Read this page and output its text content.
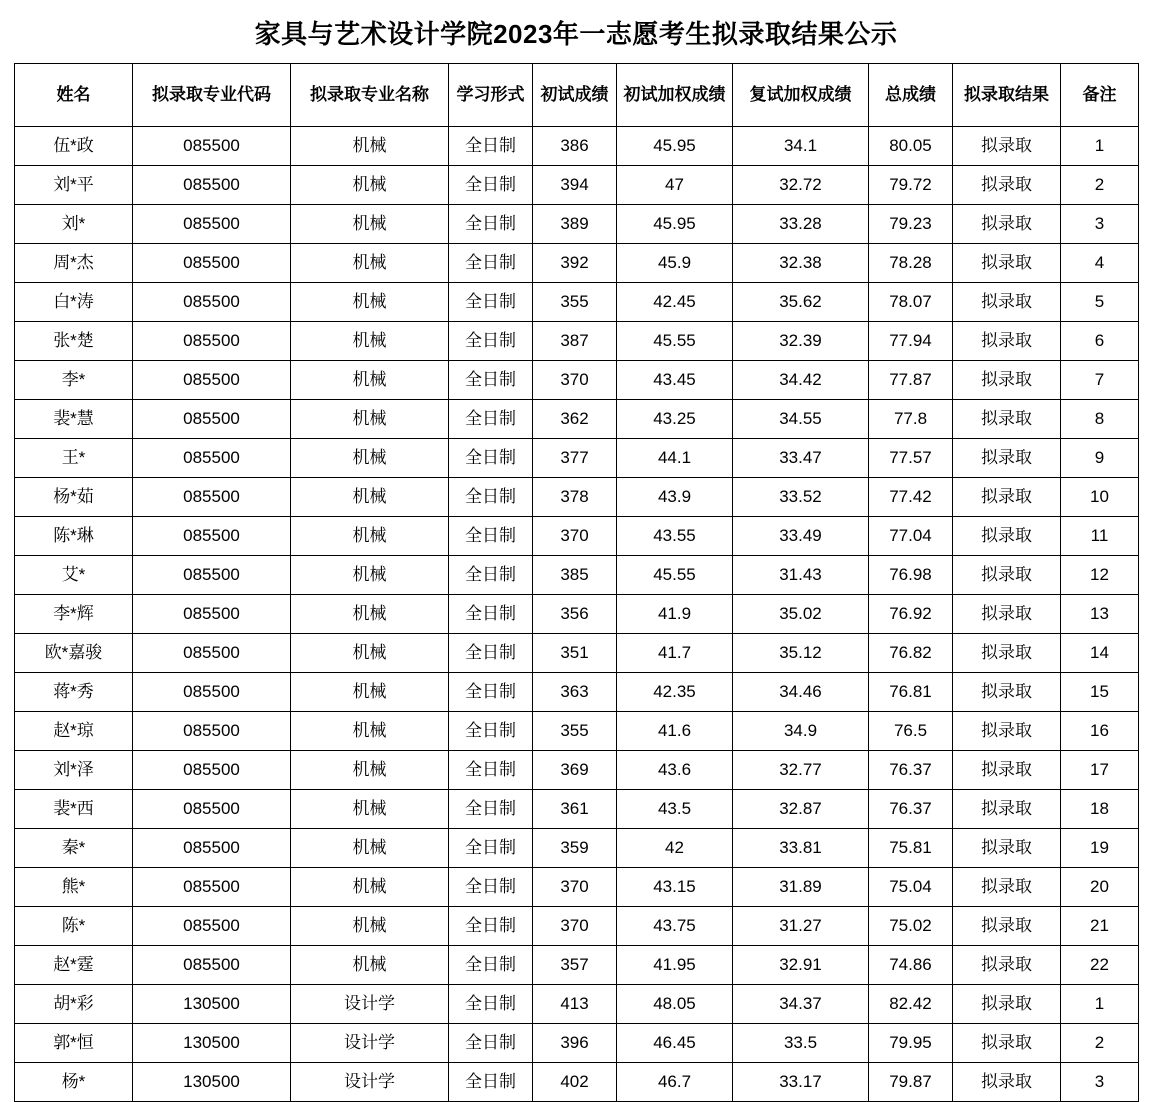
家具与艺术设计学院2023年一志愿考生拟录取结果公示
姓名	拟录取专业代码	拟录取专业名称	学习形式	初试成绩	初试加权成绩	复试加权成绩	总成绩	拟录取结果	备注
伍*政	085500	机械	全日制	386	45.95	34.1	80.05	拟录取	1
刘*平	085500	机械	全日制	394	47	32.72	79.72	拟录取	2
刘*	085500	机械	全日制	389	45.95	33.28	79.23	拟录取	3
周*杰	085500	机械	全日制	392	45.9	32.38	78.28	拟录取	4
白*涛	085500	机械	全日制	355	42.45	35.62	78.07	拟录取	5
张*楚	085500	机械	全日制	387	45.55	32.39	77.94	拟录取	6
李*	085500	机械	全日制	370	43.45	34.42	77.87	拟录取	7
裴*慧	085500	机械	全日制	362	43.25	34.55	77.8	拟录取	8
王*	085500	机械	全日制	377	44.1	33.47	77.57	拟录取	9
杨*茹	085500	机械	全日制	378	43.9	33.52	77.42	拟录取	10
陈*琳	085500	机械	全日制	370	43.55	33.49	77.04	拟录取	11
艾*	085500	机械	全日制	385	45.55	31.43	76.98	拟录取	12
李*辉	085500	机械	全日制	356	41.9	35.02	76.92	拟录取	13
欧*嘉骏	085500	机械	全日制	351	41.7	35.12	76.82	拟录取	14
蒋*秀	085500	机械	全日制	363	42.35	34.46	76.81	拟录取	15
赵*琼	085500	机械	全日制	355	41.6	34.9	76.5	拟录取	16
刘*泽	085500	机械	全日制	369	43.6	32.77	76.37	拟录取	17
裴*西	085500	机械	全日制	361	43.5	32.87	76.37	拟录取	18
秦*	085500	机械	全日制	359	42	33.81	75.81	拟录取	19
熊*	085500	机械	全日制	370	43.15	31.89	75.04	拟录取	20
陈*	085500	机械	全日制	370	43.75	31.27	75.02	拟录取	21
赵*霆	085500	机械	全日制	357	41.95	32.91	74.86	拟录取	22
胡*彩	130500	设计学	全日制	413	48.05	34.37	82.42	拟录取	1
郭*恒	130500	设计学	全日制	396	46.45	33.5	79.95	拟录取	2
杨*	130500	设计学	全日制	402	46.7	33.17	79.87	拟录取	3
